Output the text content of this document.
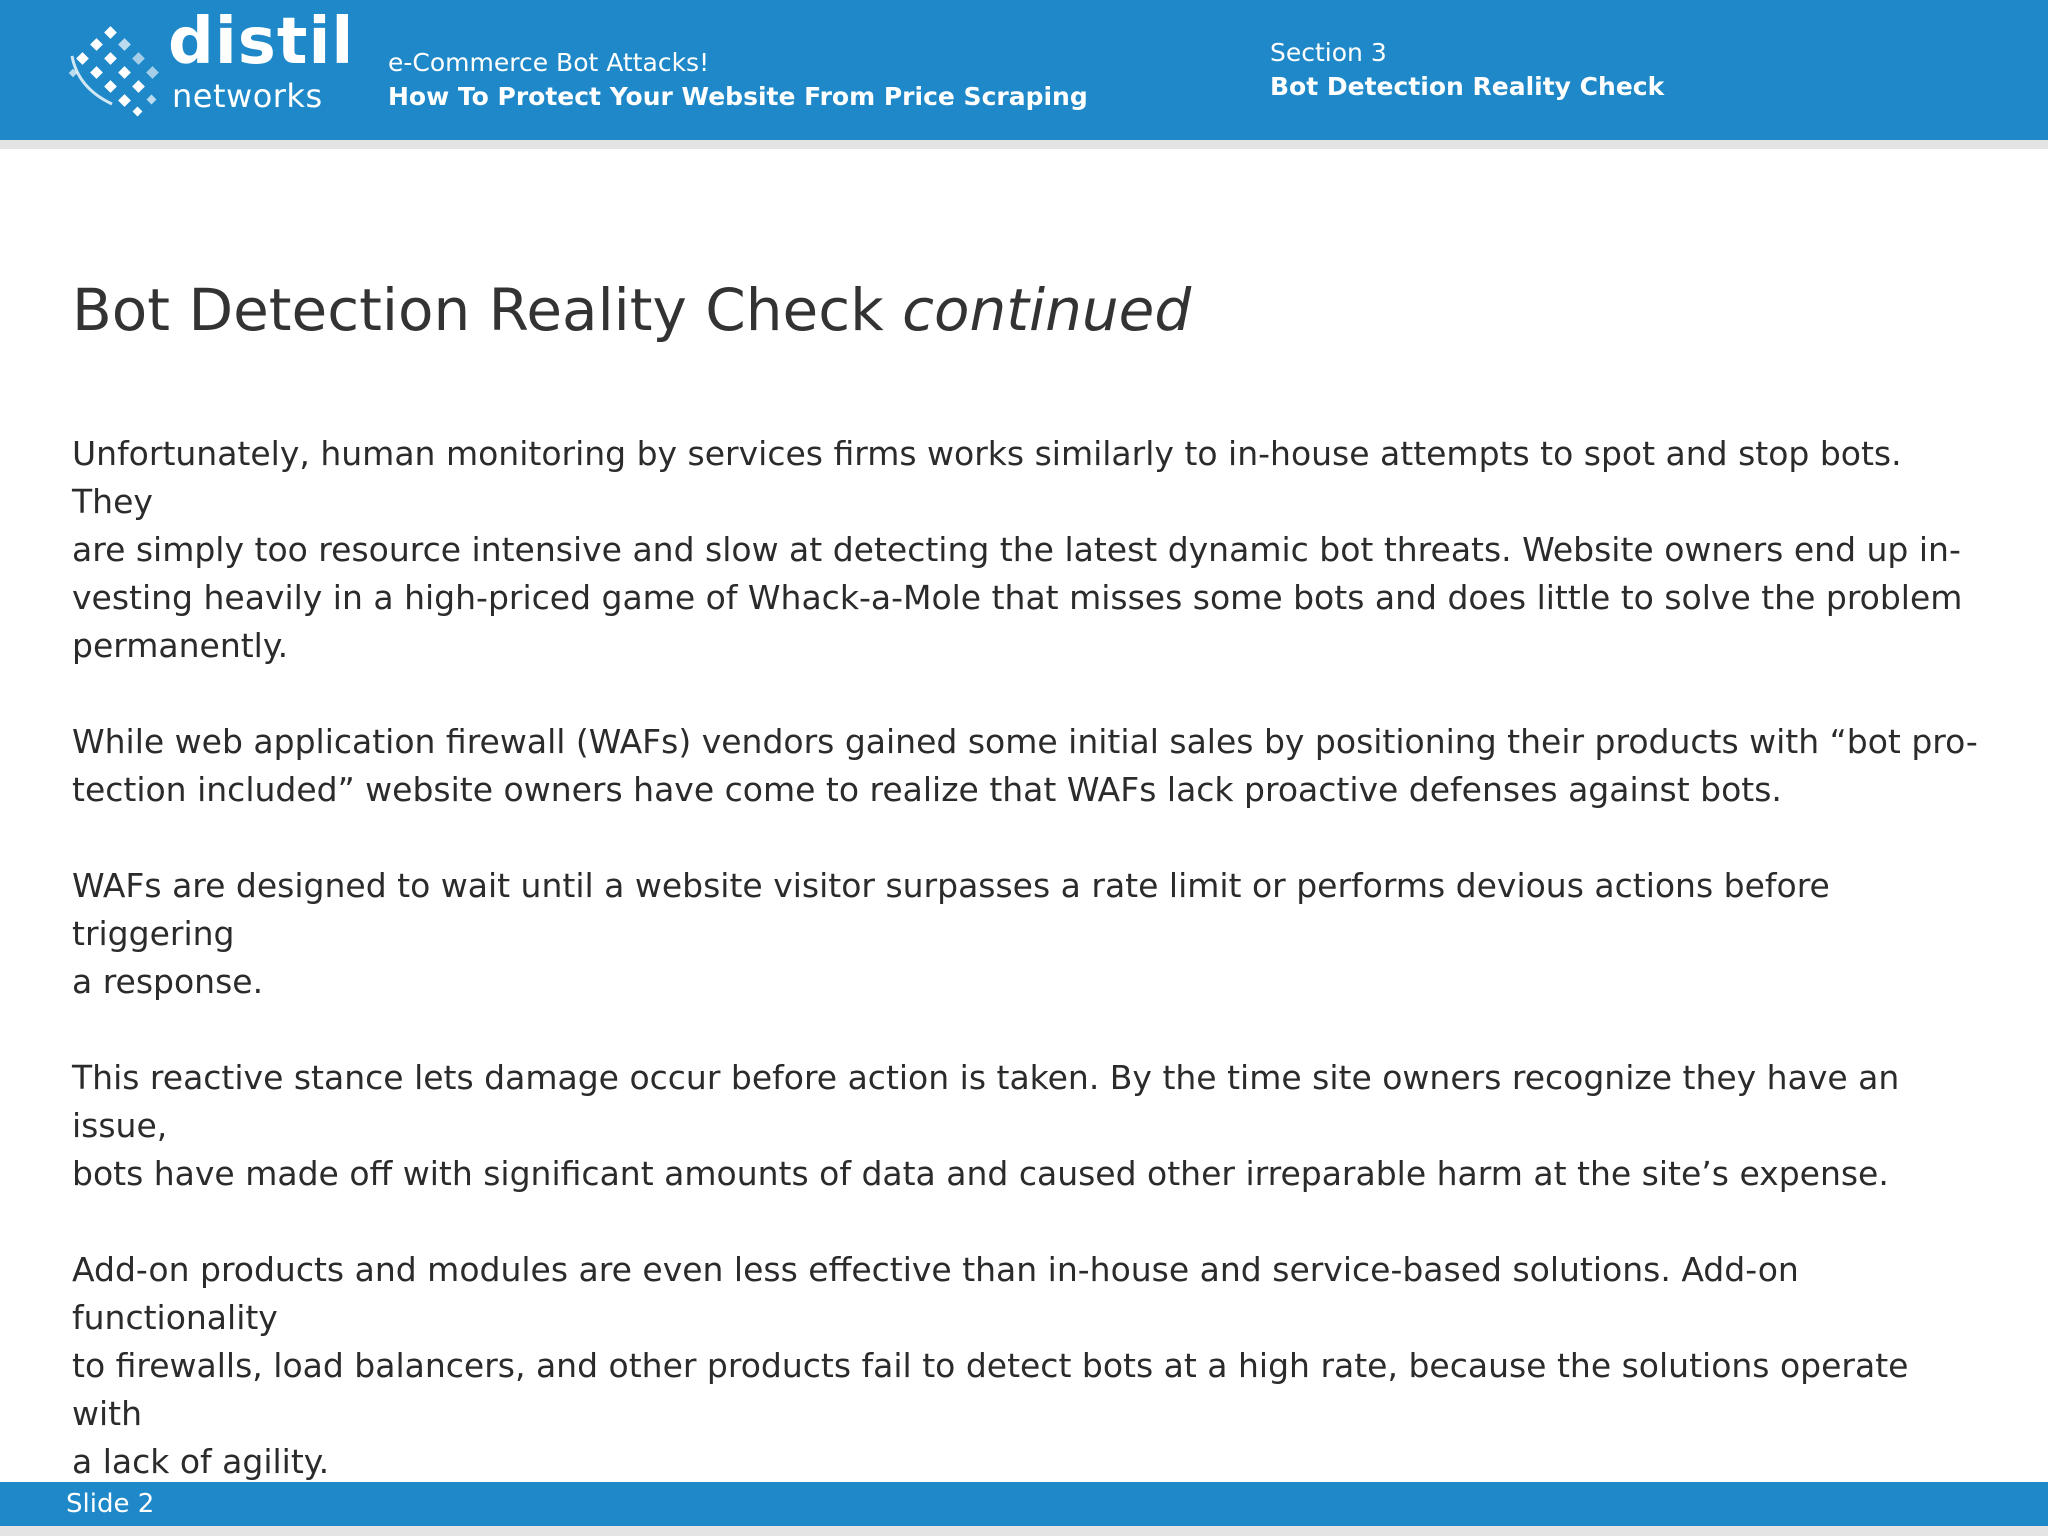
distil
networks
e-Commerce Bot Attacks!
How To Protect Your Website From Price Scraping
Section 3
Bot Detection Reality Check
Bot Detection Reality Check continued

Unfortunately, human monitoring by services firms works similarly to in-house attempts to spot and stop bots. They
are simply too resource intensive and slow at detecting the latest dynamic bot threats. Website owners end up in-
vesting heavily in a high-priced game of Whack-a-Mole that misses some bots and does little to solve the problem
permanently.

While web application firewall (WAFs) vendors gained some initial sales by positioning their products with “bot pro-
tection included” website owners have come to realize that WAFs lack proactive defenses against bots.

WAFs are designed to wait until a website visitor surpasses a rate limit or performs devious actions before triggering
a response.

This reactive stance lets damage occur before action is taken. By the time site owners recognize they have an issue,
bots have made off with significant amounts of data and caused other irreparable harm at the site’s expense.

Add-on products and modules are even less effective than in-house and service-based solutions. Add-on functionality
to firewalls, load balancers, and other products fail to detect bots at a high rate, because the solutions operate with
a lack of agility.

Slide 2
